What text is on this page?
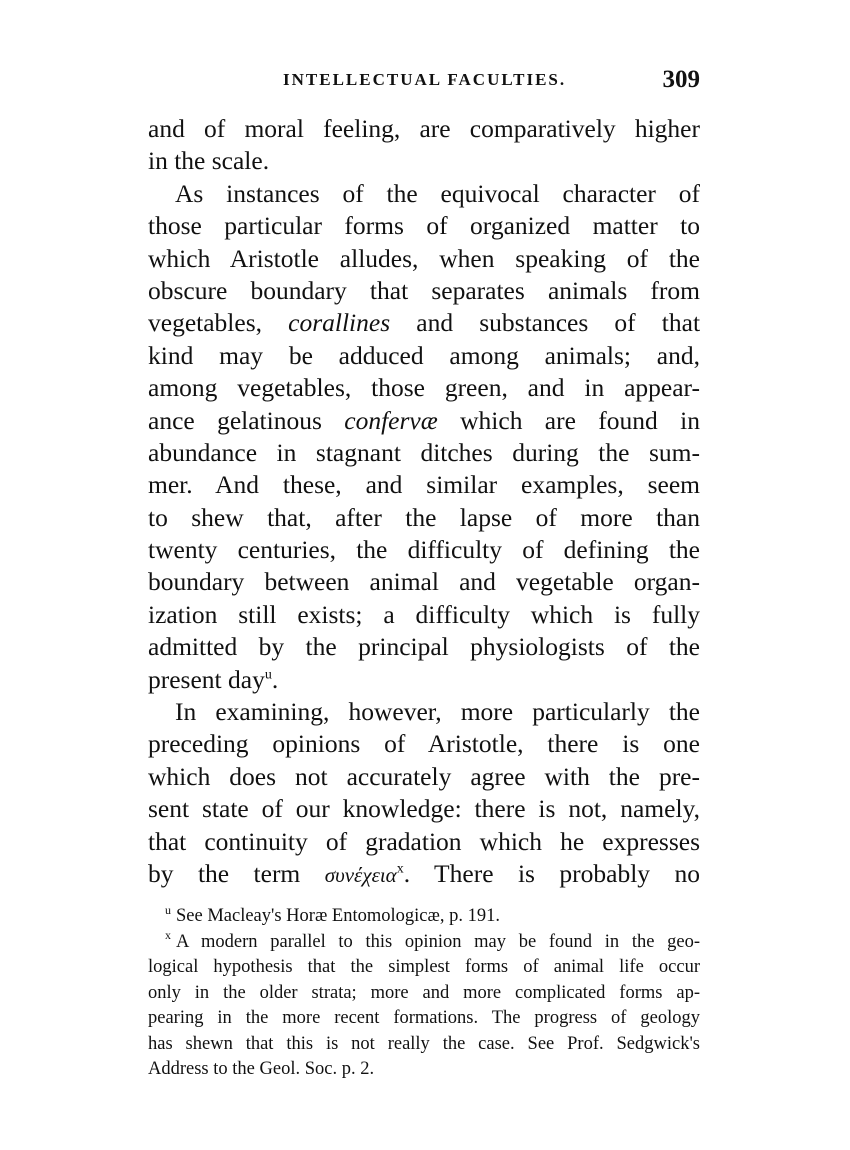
INTELLECTUAL FACULTIES.	309
and of moral feeling, are comparatively higher
in the scale.
As instances of the equivocal character of
those particular forms of organized matter to
which Aristotle alludes, when speaking of the
obscure boundary that separates animals from
vegetables, corallines and substances of that
kind may be adduced among animals; and,
among vegetables, those green, and in appear-
ance gelatinous confervæ which are found in
abundance in stagnant ditches during the sum-
mer. And these, and similar examples, seem
to shew that, after the lapse of more than
twenty centuries, the difficulty of defining the
boundary between animal and vegetable organ-
ization still exists; a difficulty which is fully
admitted by the principal physiologists of the
present day$^u$.
In examining, however, more particularly the
preceding opinions of Aristotle, there is one
which does not accurately agree with the pre-
sent state of our knowledge: there is not, namely,
that continuity of gradation which he expresses
by the term συνέχεια$^x$. There is probably no
$^u$ See Macleay's Horæ Entomologicæ, p. 191.
$^x$ A modern parallel to this opinion may be found in the geo-
logical hypothesis that the simplest forms of animal life occur
only in the older strata; more and more complicated forms ap-
pearing in the more recent formations. The progress of geology
has shewn that this is not really the case. See Prof. Sedgwick's
Address to the Geol. Soc. p. 2.
